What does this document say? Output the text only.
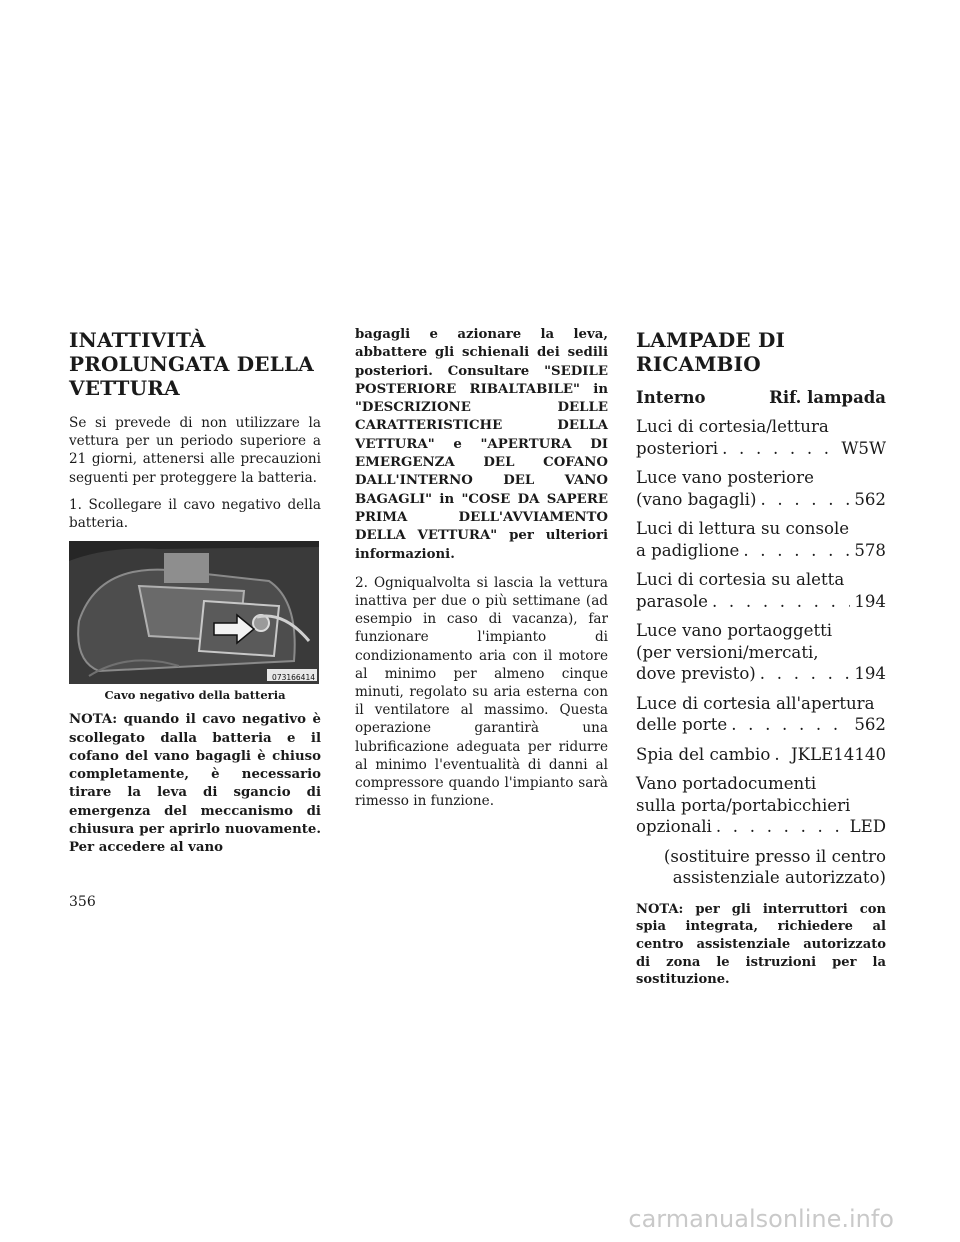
INATTIVITÀ PROLUNGATA DELLA VETTURA

Se si prevede di non utilizzare la vettura per un periodo superiore a 21 giorni, attenersi alle precauzioni seguenti per proteggere la batteria.

1. Scollegare il cavo negativo della batteria.

073166414
Cavo negativo della batteria

NOTA: quando il cavo negativo è scollegato dalla batteria e il cofano del vano bagagli è chiuso completamente, è necessario tirare la leva di sgancio di emergenza del meccanismo di chiusura per aprirlo nuovamente. Per accedere al vano

bagagli e azionare la leva, abbattere gli schienali dei sedili posteriori. Consultare "SEDILE POSTERIORE RIBALTABILE" in "DESCRIZIONE DELLE CARATTERISTICHE DELLA VETTURA" e "APERTURA DI EMERGENZA DEL COFANO DALL'INTERNO DEL VANO BAGAGLI" in "COSE DA SAPERE PRIMA DELL'AVVIAMENTO DELLA VETTURA" per ulteriori informazioni.

2. Ogniqualvolta si lascia la vettura inattiva per due o più settimane (ad esempio in caso di vacanza), far funzionare l'impianto di condizionamento aria con il motore al minimo per almeno cinque minuti, regolato su aria esterna con il ventilatore al massimo. Questa operazione garantirà una lubrificazione adeguata per ridurre al minimo l'eventualità di danni al compressore quando l'impianto sarà rimesso in funzione.

LAMPADE DI RICAMBIO
Interno	Rif. lampada
Luci di cortesia/lettura
posteriori . . .	W5W
Luce vano posteriore
(vano bagagli) . . .	562
Luci di lettura su console
a padiglione . . .	578
Luci di cortesia su aletta
parasole . . .	194
Luce vano portaoggetti
(per versioni/mercati,
dove previsto) . . .	194
Luce di cortesia all'apertura
delle porte . . .	562
Spia del cambio . . . JKLE14140
Vano portadocumenti
sulla porta/portabicchieri
opzionali . . .	LED
(sostituire presso il centro
assistenziale autorizzato)

NOTA: per gli interruttori con spia integrata, richiedere al centro assistenziale autorizzato di zona le istruzioni per la sostituzione.

356
carmanualsonline.info
